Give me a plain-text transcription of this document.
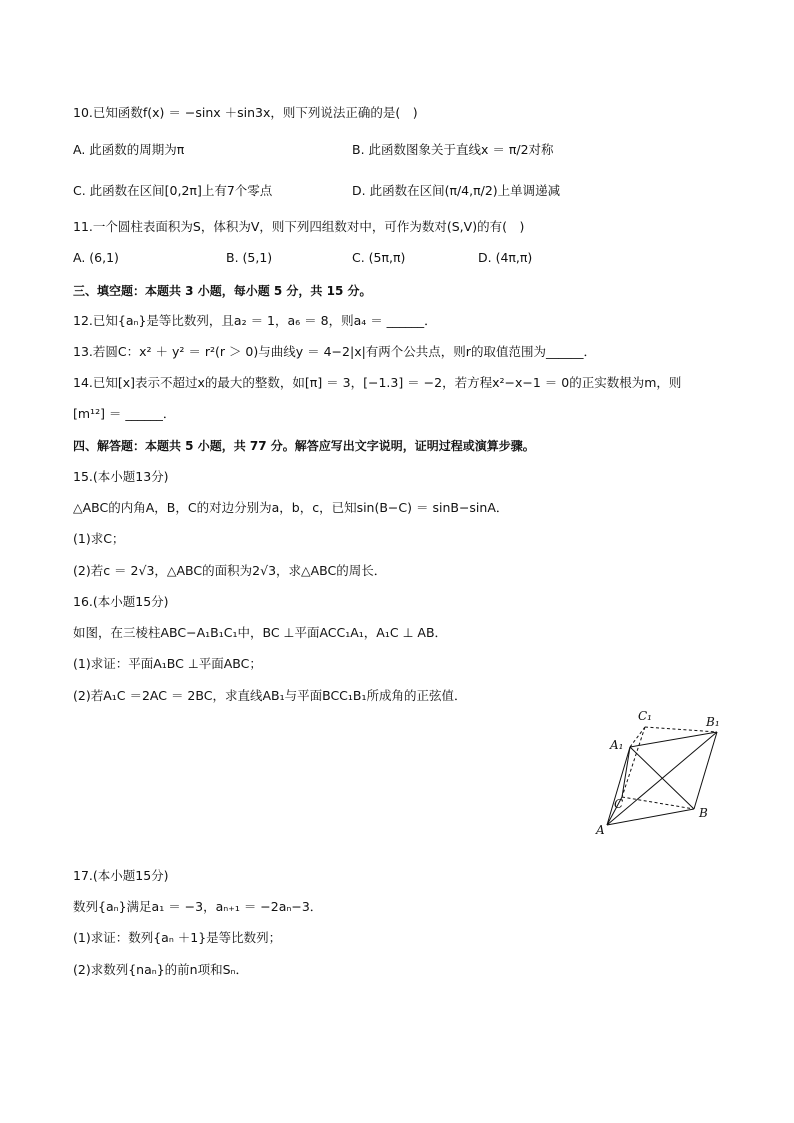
10.已知函数f(x) ＝ −sinx ＋sin3x，则下列说法正确的是(　)
A. 此函数的周期为π	B. 此函数图象关于直线x ＝ π/2对称
C. 此函数在区间[0,2π]上有7个零点	D. 此函数在区间(π/4,π/2)上单调递减
11.一个圆柱表面积为S，体积为V，则下列四组数对中，可作为数对(S,V)的有(　)
A. (6,1)	B. (5,1)	C. (5π,π)	D. (4π,π)
三、填空题：本题共 3 小题，每小题 5 分，共 15 分。
12.已知{aₙ}是等比数列，且a₂ ＝ 1，a₆ ＝ 8，则a₄ ＝ ______．
13.若圆C：x² ＋ y² ＝ r²(r ＞ 0)与曲线y ＝ 4−2|x|有两个公共点，则r的取值范围为______．
14.已知[x]表示不超过x的最大的整数，如[π] ＝ 3，[−1.3] ＝ −2，若方程x²−x−1 ＝ 0的正实数根为m，则
[m¹²] ＝ ______．
四、解答题：本题共 5 小题，共 77 分。解答应写出文字说明，证明过程或演算步骤。
15.(本小题13分)
△ABC的内角A，B，C的对边分别为a，b，c，已知sin(B−C) ＝ sinB−sinA．
(1)求C；
(2)若c ＝ 2√3，△ABC的面积为2√3，求△ABC的周长．
16.(本小题15分)
如图，在三棱柱ABC−A₁B₁C₁中，BC ⊥平面ACC₁A₁，A₁C ⊥ AB．
(1)求证：平面A₁BC ⊥平面ABC；
(2)若A₁C ＝2AC ＝ 2BC，求直线AB₁与平面BCC₁B₁所成角的正弦值．
C₁	B₁
A₁
C
A
B
17.(本小题15分)
数列{aₙ}满足a₁ ＝ −3，aₙ₊₁ ＝ −2aₙ−3．
(1)求证：数列{aₙ ＋1}是等比数列；
(2)求数列{naₙ}的前n项和Sₙ．
